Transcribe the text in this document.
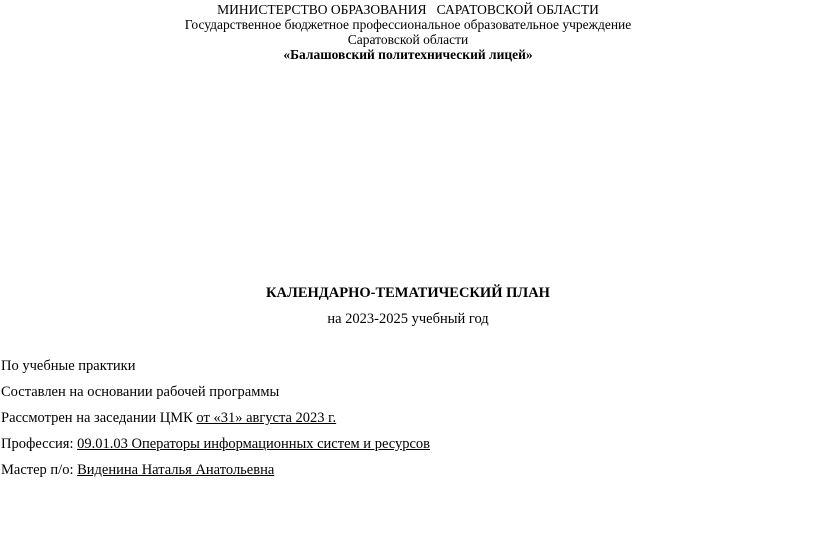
МИНИСТЕРСТВО ОБРАЗОВАНИЯ   САРАТОВСКОЙ ОБЛАСТИ
Государственное бюджетное профессиональное образовательное учреждение
Саратовской области
«Балашовский политехнический лицей»
КАЛЕНДАРНО-ТЕМАТИЧЕСКИЙ ПЛАН
на 2023-2025 учебный год
По учебные практики
Составлен на основании рабочей программы
Рассмотрен на заседании ЦМК от «31» августа 2023 г.
Профессия: 09.01.03 Операторы информационных систем и ресурсов
Мастер п/о: Виденина Наталья Анатольевна
